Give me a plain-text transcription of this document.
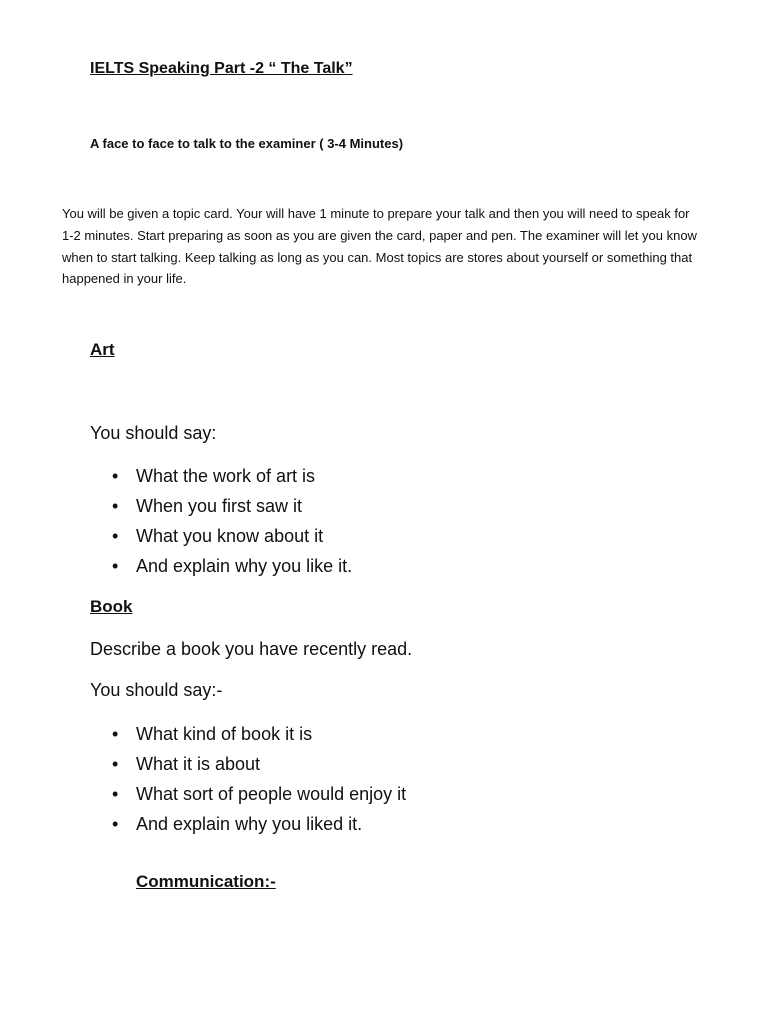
IELTS Speaking Part -2 “ The Talk”

A face to face to talk to the examiner ( 3-4 Minutes)

You will be given a topic card. Your will have 1 minute to prepare your talk and then you will need to speak for 1-2 minutes. Start preparing as soon as you are given the card, paper and pen. The examiner will let you know when to start talking. Keep talking as long as you can. Most topics are stores about yourself or something that happened in your life.

Art

You should say:

• What the work of art is
• When you first saw it
• What you know about it
• And explain why you like it.
Book

Describe a book you have recently read.

You should say:-

• What kind of book it is
• What it is about
• What sort of people would enjoy it
• And explain why you liked it.
Communication:-
